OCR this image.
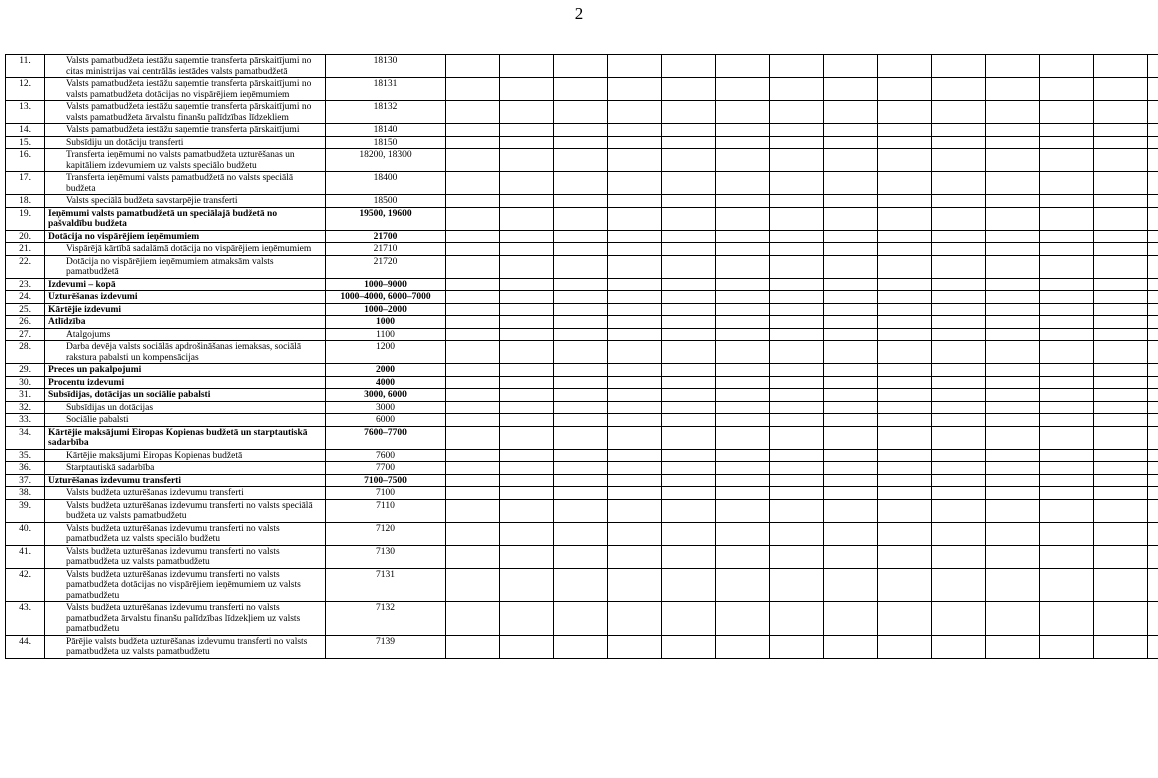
2
11.	Valsts pamatbudžeta iestāžu saņemtie transferta pārskaitījumi no citas ministrijas vai centrālās iestādes valsts pamatbudžetā	18130														
12.	Valsts pamatbudžeta iestāžu saņemtie transferta pārskaitījumi no valsts pamatbudžeta dotācijas no vispārējiem ieņēmumiem	18131														
13.	Valsts pamatbudžeta iestāžu saņemtie transferta pārskaitījumi no valsts pamatbudžeta ārvalstu finanšu palīdzības līdzekliem	18132														
14.	Valsts pamatbudžeta iestāžu saņemtie transferta pārskaitījumi	18140														
15.	Subsīdiju un dotāciju transferti	18150														
16.	Transferta ieņēmumi no valsts pamatbudžeta uzturēšanas un kapitāliem izdevumiem uz valsts speciālo budžetu	18200, 18300														
17.	Transferta ieņēmumi valsts pamatbudžetā no valsts speciālā budžeta	18400														
18.	Valsts speciālā budžeta savstarpējie transferti	18500														
19.	Ieņēmumi valsts pamatbudžetā un speciālajā budžetā no pašvaldību budžeta	19500, 19600														
20.	Dotācija no vispārējiem ieņēmumiem	21700														
21.	Vispārējā kārtībā sadalāmā dotācija no vispārējiem ieņēmumiem	21710														
22.	Dotācija no vispārējiem ieņēmumiem atmaksām valsts pamatbudžetā	21720														
23.	Izdevumi – kopā	1000–9000														
24.	Uzturēšanas izdevumi	1000–4000, 6000–7000														
25.	Kārtējie izdevumi	1000–2000														
26.	Atlīdzība	1000														
27.	Atalgojums	1100														
28.	Darba devēja valsts sociālās apdrošināšanas iemaksas, sociālā rakstura pabalsti un kompensācijas	1200														
29.	Preces un pakalpojumi	2000														
30.	Procentu izdevumi	4000														
31.	Subsīdijas, dotācijas un sociālie pabalsti	3000, 6000														
32.	Subsīdijas un dotācijas	3000														
33.	Sociālie pabalsti	6000														
34.	Kārtējie maksājumi Eiropas Kopienas budžetā un starptautiskā sadarbība	7600–7700														
35.	Kārtējie maksājumi Eiropas Kopienas budžetā	7600														
36.	Starptautiskā sadarbība	7700														
37.	Uzturēšanas izdevumu transferti	7100–7500														
38.	Valsts budžeta uzturēšanas izdevumu transferti	7100														
39.	Valsts budžeta uzturēšanas izdevumu transferti no valsts speciālā budžeta uz valsts pamatbudžetu	7110														
40.	Valsts budžeta uzturēšanas izdevumu transferti no valsts pamatbudžeta uz valsts speciālo budžetu	7120														
41.	Valsts budžeta uzturēšanas izdevumu transferti no valsts pamatbudžeta uz valsts pamatbudžetu	7130														
42.	Valsts budžeta uzturēšanas izdevumu transferti no valsts pamatbudžeta dotācijas no vispārējiem ieņēmumiem uz valsts pamatbudžetu	7131														
43.	Valsts budžeta uzturēšanas izdevumu transferti no valsts pamatbudžeta ārvalstu finanšu palīdzības līdzekļiem uz valsts pamatbudžetu	7132														
44.	Pārējie valsts budžeta uzturēšanas izdevumu transferti no valsts pamatbudžeta uz valsts pamatbudžetu	7139														
